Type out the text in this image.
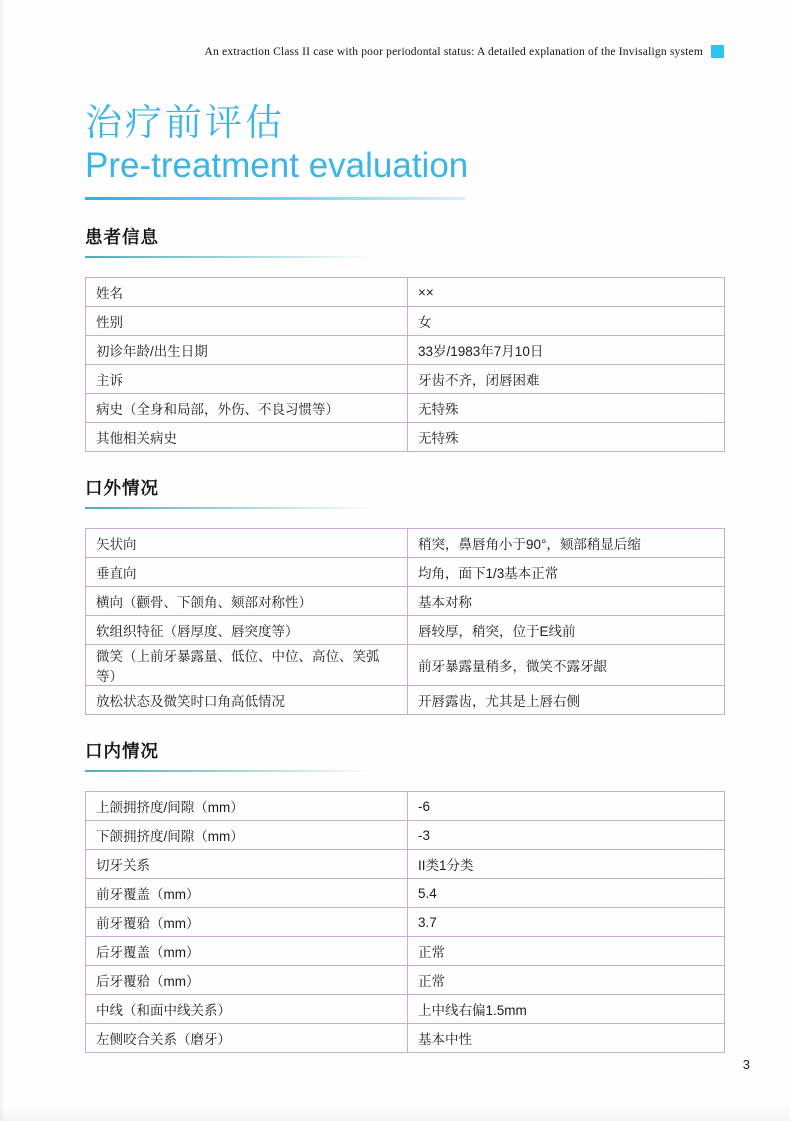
An extraction Class II case with poor periodontal status: A detailed explanation of the Invisalign system
治疗前评估
Pre-treatment evaluation
患者信息
姓名	××
性别	女
初诊年龄/出生日期	33岁/1983年7月10日
主诉	牙齿不齐，闭唇困难
病史（全身和局部，外伤、不良习惯等）	无特殊
其他相关病史	无特殊
口外情况
矢状向	稍突，鼻唇角小于90°，颏部稍显后缩
垂直向	均角，面下1/3基本正常
横向（颧骨、下颌角、颏部对称性）	基本对称
软组织特征（唇厚度、唇突度等）	唇较厚，稍突，位于E线前
微笑（上前牙暴露量、低位、中位、高位、笑弧等）	前牙暴露量稍多，微笑不露牙龈
放松状态及微笑时口角高低情况	开唇露齿，尤其是上唇右侧
口内情况
上颌拥挤度/间隙（mm）	-6
下颌拥挤度/间隙（mm）	-3
切牙关系	II类1分类
前牙覆盖（mm）	5.4
前牙覆𬌗（mm）	3.7
后牙覆盖（mm）	正常
后牙覆𬌗（mm）	正常
中线（和面中线关系）	上中线右偏1.5mm
左侧咬合关系（磨牙）	基本中性
3
